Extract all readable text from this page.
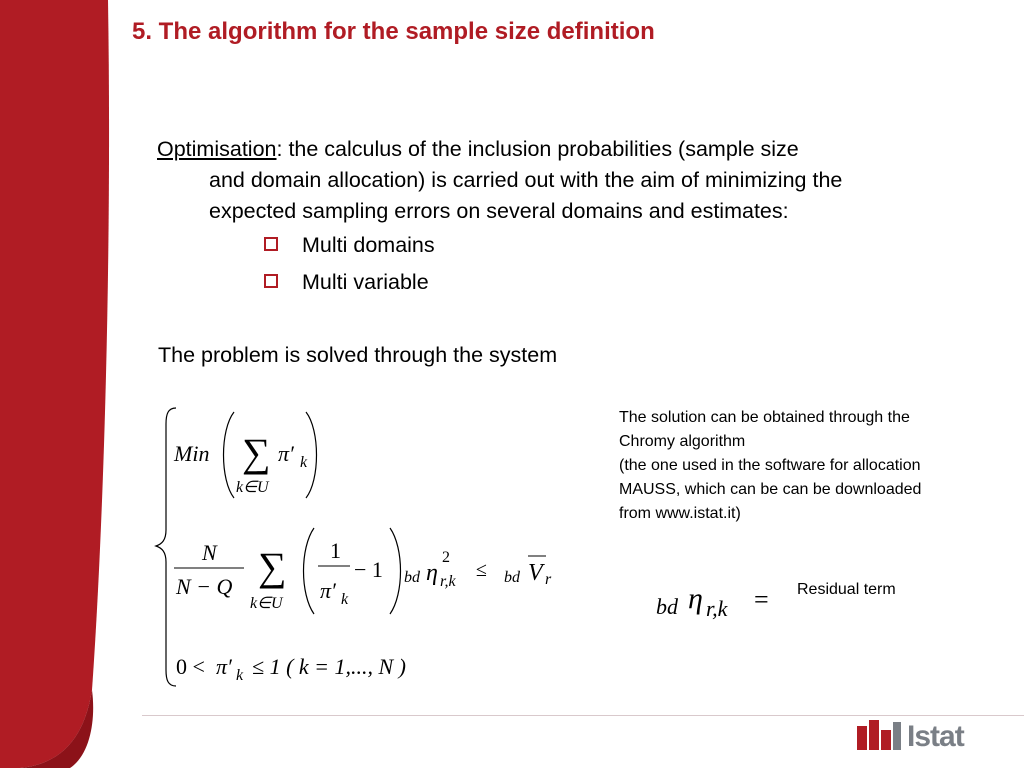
5. The algorithm for the sample size definition
Optimisation: the calculus of the inclusion probabilities (sample size
and domain allocation) is carried out with the aim of minimizing the
expected sampling errors on several domains and estimates:
Multi domains
Multi variable
The problem is solved through the system
Min ∑
k∈U
π′ k
N
N − Q ∑
k∈U
1
π′ k
− 1 bd η
2
r,k
≤ bd V r
0 < π′ k ≤ 1 ( k = 1,..., N )
The solution can be obtained through the
Chromy algorithm
(the one used in the software for allocation
MAUSS, which can be can be downloaded
from www.istat.it)
bd η r,k = Residual term
Istat
